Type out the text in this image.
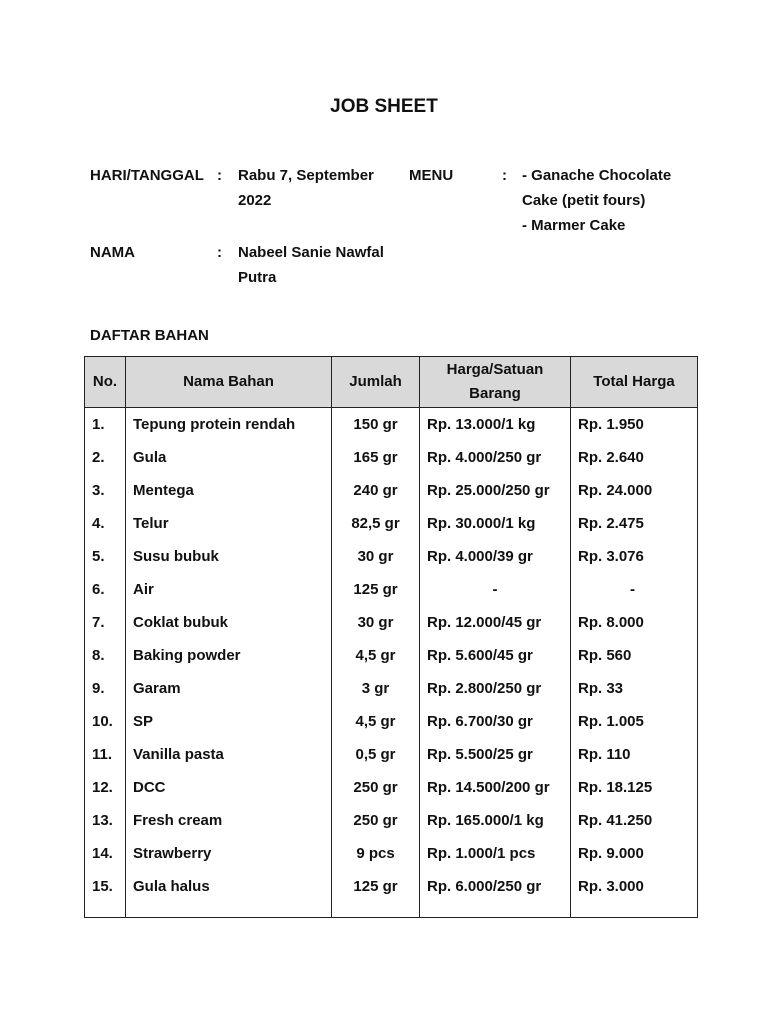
JOB SHEET
HARI/TANGGAL : Rabu 7, September
2022
MENU	: - Ganache Chocolate
Cake (petit fours)
- Marmer Cake
NAMA	: Nabeel Sanie Nawfal
Putra
DAFTAR BAHAN
No.	Nama Bahan	Jumlah	Harga/Satuan
Barang	Total Harga
1.	Tepung protein rendah	150 gr	Rp. 13.000/1 kg	Rp. 1.950
2.	Gula	165 gr	Rp. 4.000/250 gr	Rp. 2.640
3.	Mentega	240 gr	Rp. 25.000/250 gr	Rp. 24.000
4.	Telur	82,5 gr	Rp. 30.000/1 kg	Rp. 2.475
5.	Susu bubuk	30 gr	Rp. 4.000/39 gr	Rp. 3.076
6.	Air	125 gr	-	-
7.	Coklat bubuk	30 gr	Rp. 12.000/45 gr	Rp. 8.000
8.	Baking powder	4,5 gr	Rp. 5.600/45 gr	Rp. 560
9.	Garam	3 gr	Rp. 2.800/250 gr	Rp. 33
10.	SP	4,5 gr	Rp. 6.700/30 gr	Rp. 1.005
11.	Vanilla pasta	0,5 gr	Rp. 5.500/25 gr	Rp. 110
12.	DCC	250 gr	Rp. 14.500/200 gr	Rp. 18.125
13.	Fresh cream	250 gr	Rp. 165.000/1 kg	Rp. 41.250
14.	Strawberry	9 pcs	Rp. 1.000/1 pcs	Rp. 9.000
15.	Gula halus	125 gr	Rp. 6.000/250 gr	Rp. 3.000
